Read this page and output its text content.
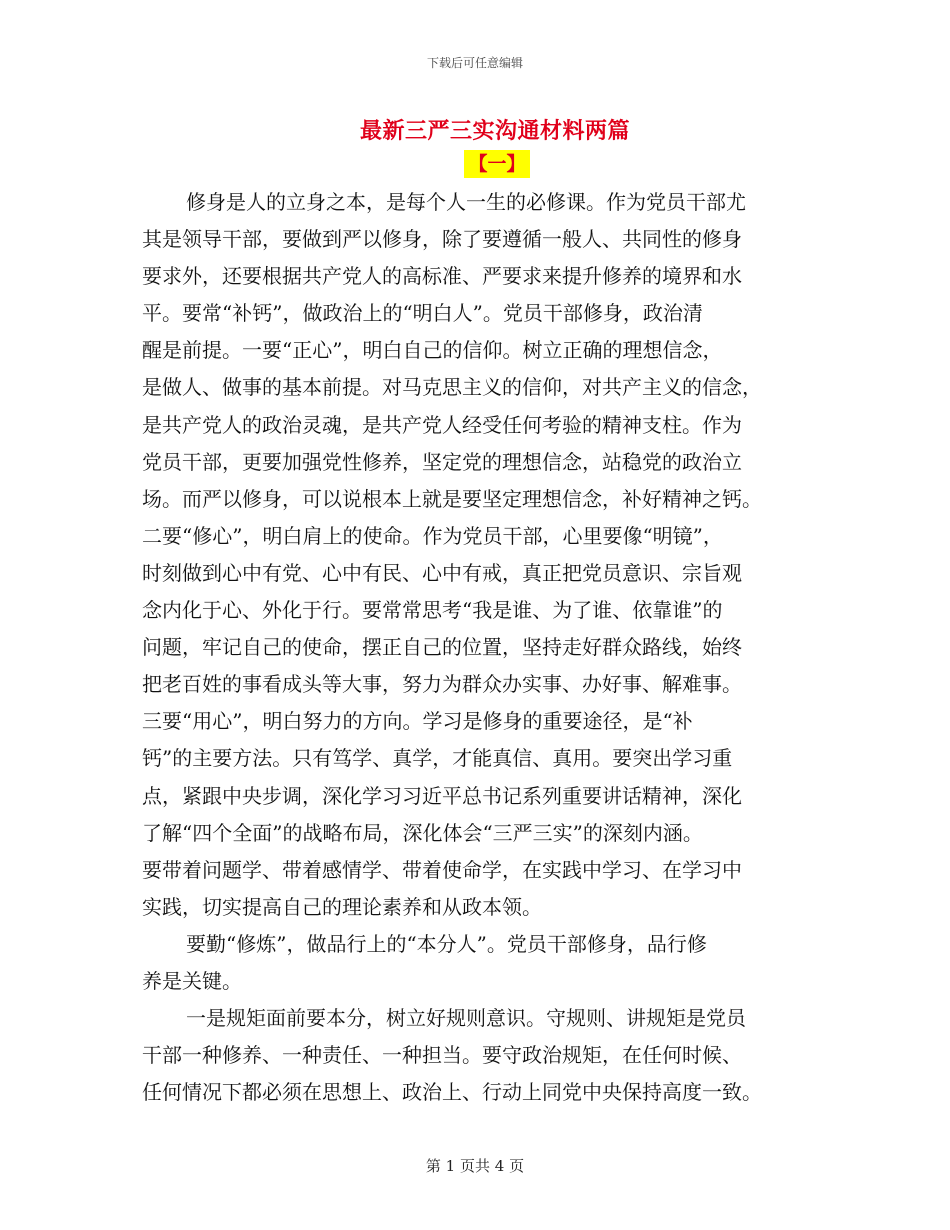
下载后可任意编辑
最新三严三实沟通材料两篇
【一】

修身是人的立身之本，是每个人一生的必修课。作为党员干部尤
其是领导干部，要做到严以修身，除了要遵循一般人、共同性的修身
要求外，还要根据共产党人的高标准、严要求来提升修养的境界和水
平。要常“补钙”，做政治上的“明白人”。党员干部修身，政治清
醒是前提。一要“正心”，明白自己的信仰。树立正确的理想信念，
是做人、做事的基本前提。对马克思主义的信仰，对共产主义的信念，
是共产党人的政治灵魂，是共产党人经受任何考验的精神支柱。作为
党员干部，更要加强党性修养，坚定党的理想信念，站稳党的政治立
场。而严以修身，可以说根本上就是要坚定理想信念，补好精神之钙。
二要“修心”，明白肩上的使命。作为党员干部，心里要像“明镜”，
时刻做到心中有党、心中有民、心中有戒，真正把党员意识、宗旨观
念内化于心、外化于行。要常常思考“我是谁、为了谁、依靠谁”的
问题，牢记自己的使命，摆正自己的位置，坚持走好群众路线，始终
把老百姓的事看成头等大事，努力为群众办实事、办好事、解难事。
三要“用心”，明白努力的方向。学习是修身的重要途径，是“补
钙”的主要方法。只有笃学、真学，才能真信、真用。要突出学习重
点，紧跟中央步调，深化学习习近平总书记系列重要讲话精神，深化
了解“四个全面”的战略布局，深化体会“三严三实”的深刻内涵。
要带着问题学、带着感情学、带着使命学，在实践中学习、在学习中
实践，切实提高自己的理论素养和从政本领。

要勤“修炼”，做品行上的“本分人”。党员干部修身，品行修
养是关键。

一是规矩面前要本分，树立好规则意识。守规则、讲规矩是党员
干部一种修养、一种责任、一种担当。要守政治规矩，在任何时候、
任何情况下都必须在思想上、政治上、行动上同党中央保持高度一致。

第 1 页共 4 页
